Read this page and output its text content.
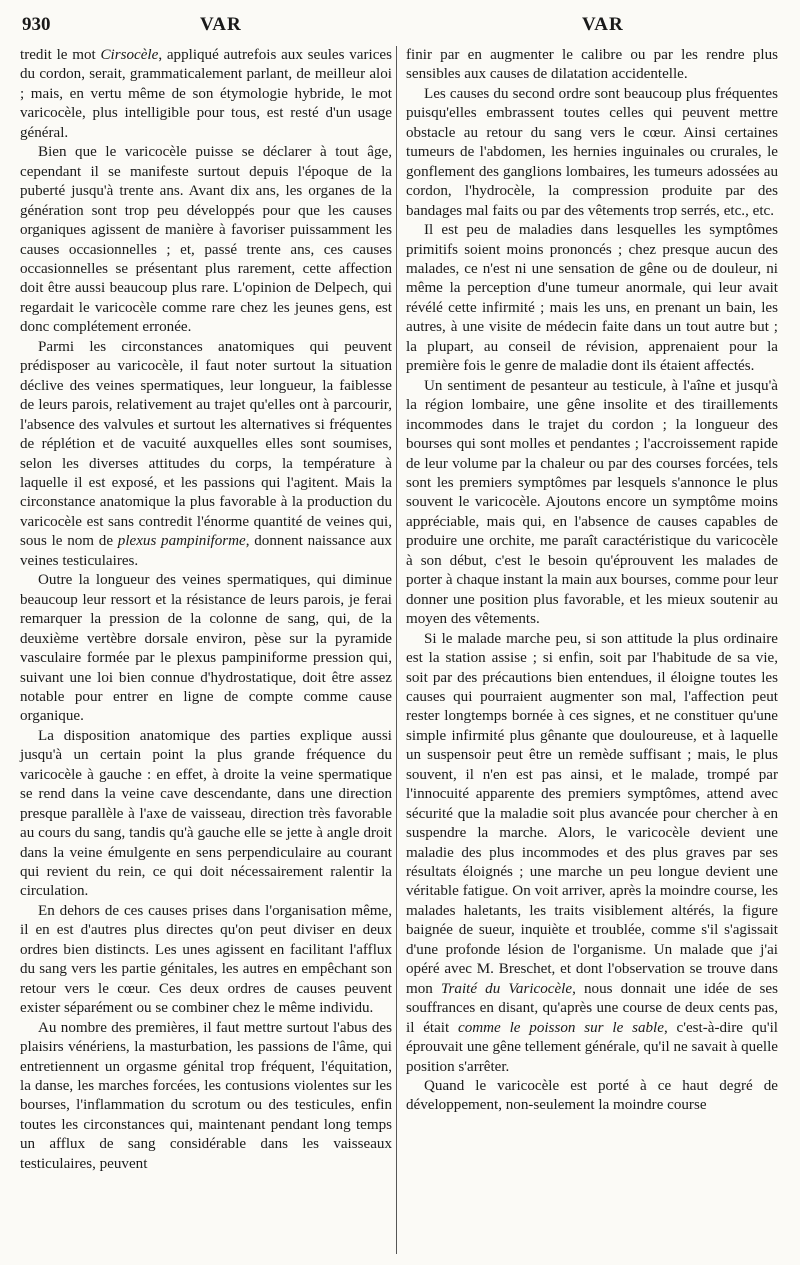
930	VAR	VAR

tredit le mot Cirsocèle, appliqué autrefois aux seules varices du cordon, serait, grammaticalement parlant, de meilleur aloi ; mais, en vertu même de son étymologie hybride, le mot varicocèle, plus intelligible pour tous, est resté d'un usage général.

Bien que le varicocèle puisse se déclarer à tout âge, cependant il se manifeste surtout depuis l'époque de la puberté jusqu'à trente ans. Avant dix ans, les organes de la génération sont trop peu développés pour que les causes organiques agissent de manière à favoriser puissamment les causes occasionnelles ; et, passé trente ans, ces causes occasionnelles se présentant plus rarement, cette affection doit être aussi beaucoup plus rare. L'opinion de Delpech, qui regardait le varicocèle comme rare chez les jeunes gens, est donc complétement erronée.

Parmi les circonstances anatomiques qui peuvent prédisposer au varicocèle, il faut noter surtout la situation déclive des veines spermatiques, leur longueur, la faiblesse de leurs parois, relativement au trajet qu'elles ont à parcourir, l'absence des valvules et surtout les alternatives si fréquentes de réplétion et de vacuité auxquelles elles sont soumises, selon les diverses attitudes du corps, la température à laquelle il est exposé, et les passions qui l'agitent. Mais la circonstance anatomique la plus favorable à la production du varicocèle est sans contredit l'énorme quantité de veines qui, sous le nom de plexus pampiniforme, donnent naissance aux veines testiculaires.

Outre la longueur des veines spermatiques, qui diminue beaucoup leur ressort et la résistance de leurs parois, je ferai remarquer la pression de la colonne de sang, qui, de la deuxième vertèbre dorsale environ, pèse sur la pyramide vasculaire formée par le plexus pampiniforme pression qui, suivant une loi bien connue d'hydrostatique, doit être assez notable pour entrer en ligne de compte comme cause organique.

La disposition anatomique des parties explique aussi jusqu'à un certain point la plus grande fréquence du varicocèle à gauche : en effet, à droite la veine spermatique se rend dans la veine cave descendante, dans une direction presque parallèle à l'axe de vaisseau, direction très favorable au cours du sang, tandis qu'à gauche elle se jette à angle droit dans la veine émulgente en sens perpendiculaire au courant qui revient du rein, ce qui doit nécessairement ralentir la circulation.

En dehors de ces causes prises dans l'organisation même, il en est d'autres plus directes qu'on peut diviser en deux ordres bien distincts. Les unes agissent en facilitant l'afflux du sang vers les partie génitales, les autres en empêchant son retour vers le cœur. Ces deux ordres de causes peuvent exister séparément ou se combiner chez le même individu.

Au nombre des premières, il faut mettre surtout l'abus des plaisirs vénériens, la masturbation, les passions de l'âme, qui entretiennent un orgasme génital trop fréquent, l'équitation, la danse, les marches forcées, les contusions violentes sur les bourses, l'inflammation du scrotum ou des testicules, enfin toutes les circonstances qui, maintenant pendant long temps un afflux de sang considérable dans les vaisseaux testiculaires, peuvent

finir par en augmenter le calibre ou par les rendre plus sensibles aux causes de dilatation accidentelle.

Les causes du second ordre sont beaucoup plus fréquentes puisqu'elles embrassent toutes celles qui peuvent mettre obstacle au retour du sang vers le cœur. Ainsi certaines tumeurs de l'abdomen, les hernies inguinales ou crurales, le gonflement des ganglions lombaires, les tumeurs adossées au cordon, l'hydrocèle, la compression produite par des bandages mal faits ou par des vêtements trop serrés, etc., etc.

Il est peu de maladies dans lesquelles les symptômes primitifs soient moins prononcés ; chez presque aucun des malades, ce n'est ni une sensation de gêne ou de douleur, ni même la perception d'une tumeur anormale, qui leur avait révélé cette infirmité ; mais les uns, en prenant un bain, les autres, à une visite de médecin faite dans un tout autre but ; la plupart, au conseil de révision, apprenaient pour la première fois le genre de maladie dont ils étaient affectés.

Un sentiment de pesanteur au testicule, à l'aîne et jusqu'à la région lombaire, une gêne insolite et des tiraillements incommodes dans le trajet du cordon ; la longueur des bourses qui sont molles et pendantes ; l'accroissement rapide de leur volume par la chaleur ou par des courses forcées, tels sont les premiers symptômes par lesquels s'annonce le plus souvent le varicocèle. Ajoutons encore un symptôme moins appréciable, mais qui, en l'absence de causes capables de produire une orchite, me paraît caractéristique du varicocèle à son début, c'est le besoin qu'éprouvent les malades de porter à chaque instant la main aux bourses, comme pour leur donner une position plus favorable, et les mieux soutenir au moyen des vêtements.

Si le malade marche peu, si son attitude la plus ordinaire est la station assise ; si enfin, soit par l'habitude de sa vie, soit par des précautions bien entendues, il éloigne toutes les causes qui pourraient augmenter son mal, l'affection peut rester longtemps bornée à ces signes, et ne constituer qu'une simple infirmité plus gênante que douloureuse, et à laquelle un suspensoir peut être un remède suffisant ; mais, le plus souvent, il n'en est pas ainsi, et le malade, trompé par l'innocuité apparente des premiers symptômes, attend avec sécurité que la maladie soit plus avancée pour chercher à en suspendre la marche. Alors, le varicocèle devient une maladie des plus incommodes et des plus graves par ses résultats éloignés ; une marche un peu longue devient une véritable fatigue. On voit arriver, après la moindre course, les malades haletants, les traits visiblement altérés, la figure baignée de sueur, inquiète et troublée, comme s'il s'agissait d'une profonde lésion de l'organisme. Un malade que j'ai opéré avec M. Breschet, et dont l'observation se trouve dans mon Traité du Varicocèle, nous donnait une idée de ses souffrances en disant, qu'après une course de deux cents pas, il était comme le poisson sur le sable, c'est-à-dire qu'il éprouvait une gêne tellement générale, qu'il ne savait à quelle position s'arrêter.

Quand le varicocèle est porté à ce haut degré de développement, non-seulement la moindre course
